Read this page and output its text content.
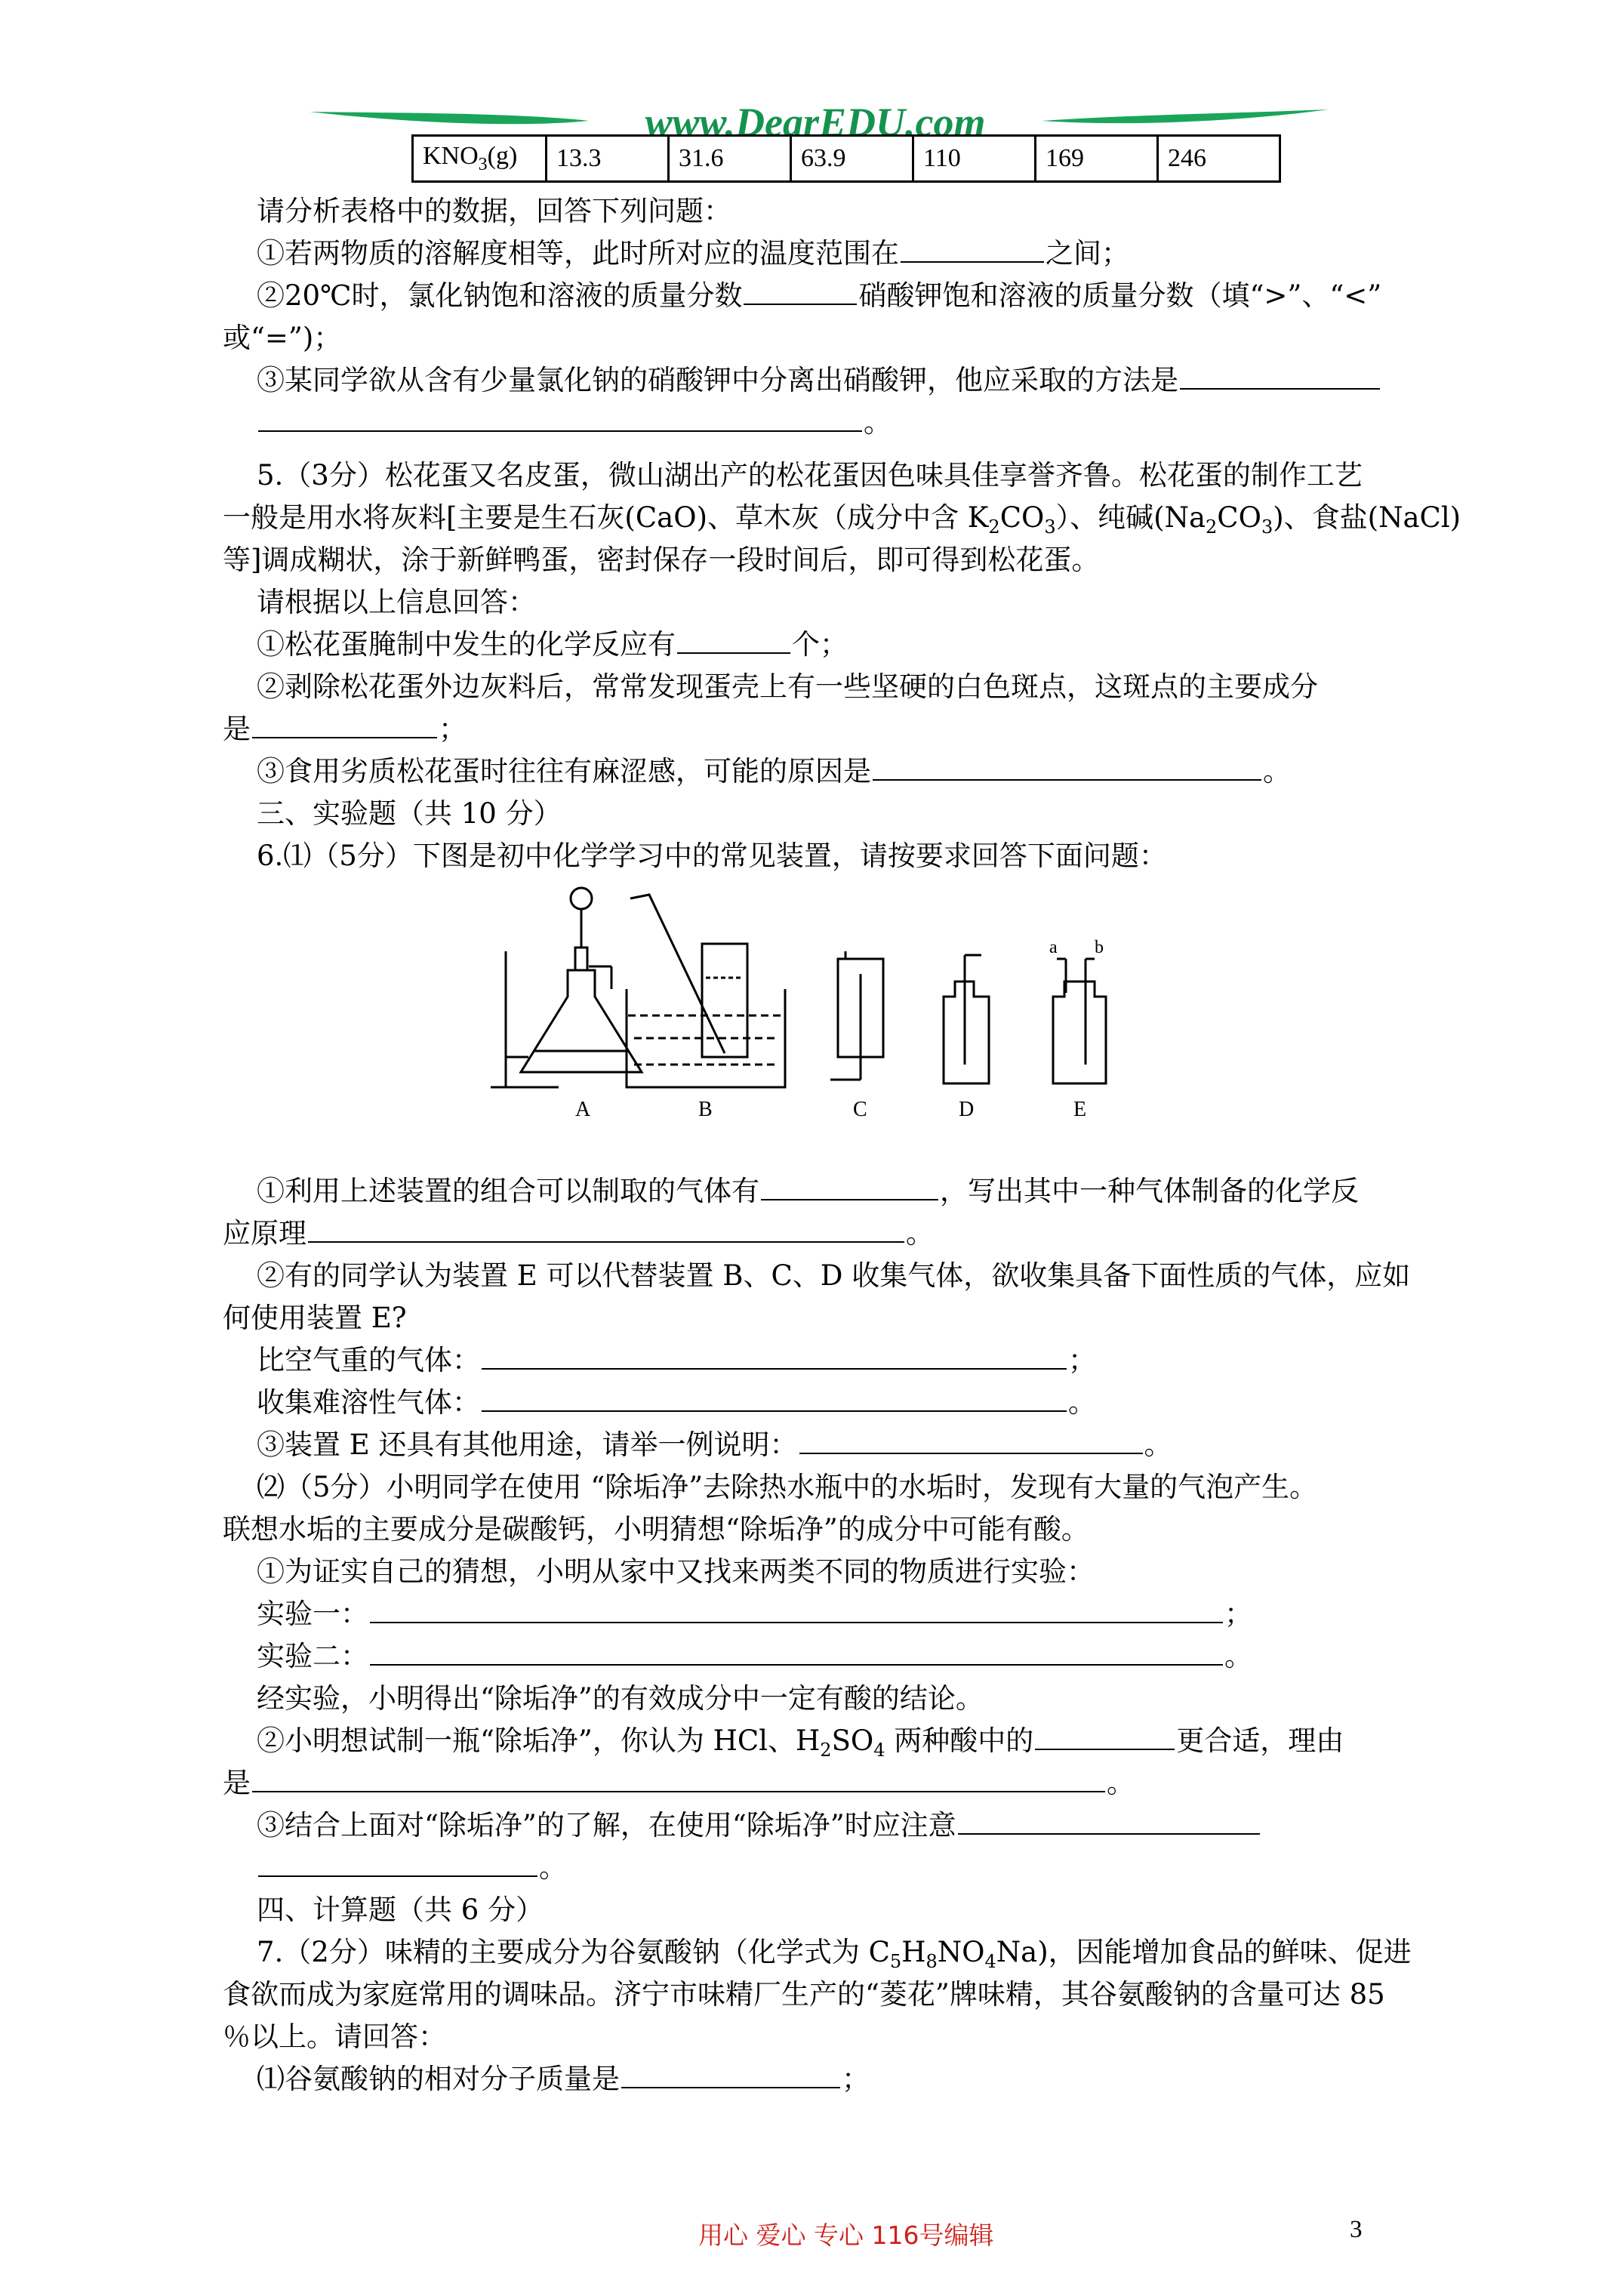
www.DearEDU.com
$KNO_3(g)$	13.3	31.6	63.9	110	169	246
请分析表格中的数据，回答下列问题：
①若两物质的溶解度相等，此时所对应的温度范围在	之间；
②20℃时，氯化钠饱和溶液的质量分数	硝酸钾饱和溶液的质量分数（填“>”、“<”
或“=”)；
③某同学欲从含有少量氯化钠的硝酸钾中分离出硝酸钾，他应采取的方法是
。
5.（3分）松花蛋又名皮蛋，微山湖出产的松花蛋因色味具佳享誉齐鲁。松花蛋的制作工艺
一般是用水将灰料[主要是生石灰(CaO)、草木灰（成分中含 $K_2CO_3$）、纯碱$(Na_2CO_3)$、食盐(NaCl)
等]调成糊状，涂于新鲜鸭蛋，密封保存一段时间后，即可得到松花蛋。
请根据以上信息回答：
①松花蛋腌制中发生的化学反应有	个；
②剥除松花蛋外边灰料后，常常发现蛋壳上有一些坚硬的白色斑点，这斑点的主要成分
是	；
③食用劣质松花蛋时往往有麻涩感，可能的原因是	。
三、实验题（共 10 分）
6.⑴（5分）下图是初中化学学习中的常见装置，请按要求回答下面问题：
A	B	C	D
a b
E
①利用上述装置的组合可以制取的气体有	，写出其中一种气体制备的化学反
应原理	。
②有的同学认为装置 E 可以代替装置 B、C、D 收集气体，欲收集具备下面性质的气体，应如
何使用装置 E?
比空气重的气体：	；
收集难溶性气体：	。
③装置 E 还具有其他用途，请举一例说明：	。
⑵（5分）小明同学在使用 “除垢净”去除热水瓶中的水垢时，发现有大量的气泡产生。
联想水垢的主要成分是碳酸钙，小明猜想“除垢净”的成分中可能有酸。
①为证实自己的猜想，小明从家中又找来两类不同的物质进行实验：
实验一：	；
实验二：	。
经实验，小明得出“除垢净”的有效成分中一定有酸的结论。
②小明想试制一瓶“除垢净”，你认为 HCl、$H_2SO_4$ 两种酸中的	更合适，理由
是	。
③结合上面对“除垢净”的了解，在使用“除垢净”时应注意
。
四、计算题（共 6 分）
7.（2分）味精的主要成分为谷氨酸钠（化学式为 $C_5H_8NO_4Na$)，因能增加食品的鲜味、促进
食欲而成为家庭常用的调味品。济宁市味精厂生产的“菱花”牌味精，其谷氨酸钠的含量可达 85
％以上。请回答：
⑴谷氨酸钠的相对分子质量是	；
用心 爱心 专心 116号编辑	3
